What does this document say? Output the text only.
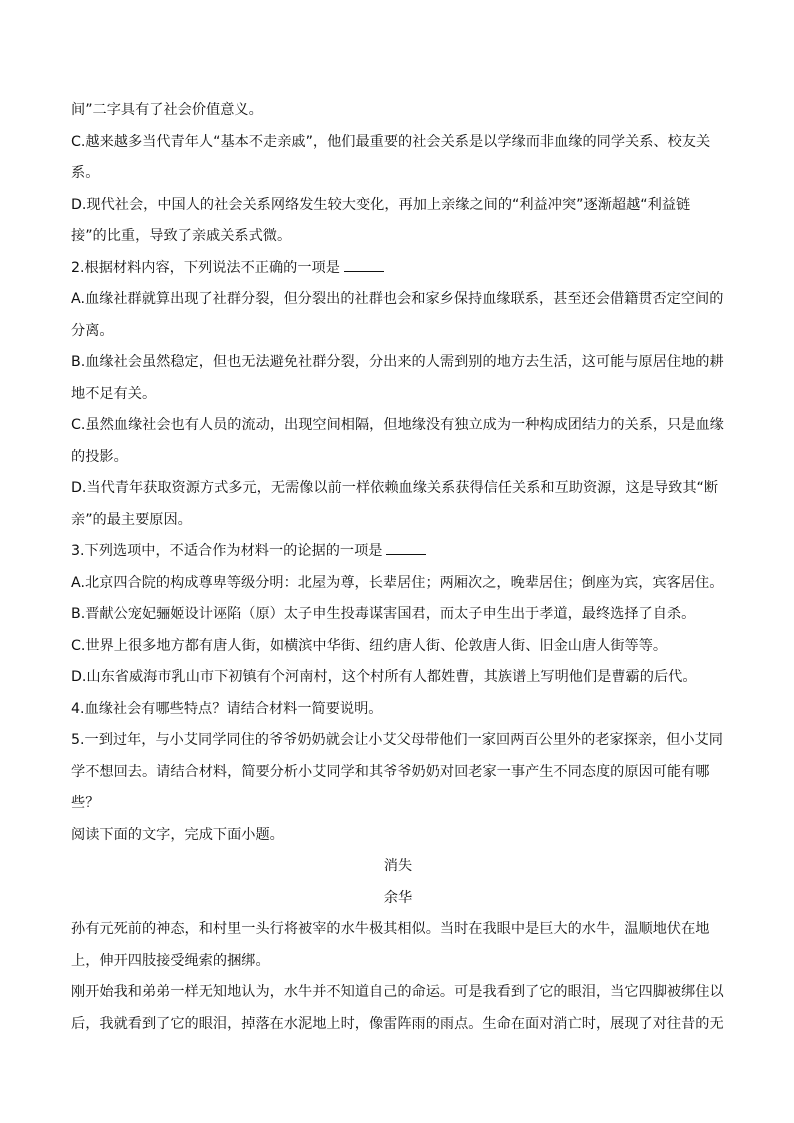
间”二字具有了社会价值意义。

C.越来越多当代青年人“基本不走亲戚”，他们最重要的社会关系是以学缘而非血缘的同学关系、校友关

系。

D.现代社会，中国人的社会关系网络发生较大变化，再加上亲缘之间的“利益冲突”逐渐超越“利益链

接”的比重，导致了亲戚关系式微。

2.根据材料内容，下列说法不正确的一项是

A.血缘社群就算出现了社群分裂，但分裂出的社群也会和家乡保持血缘联系，甚至还会借籍贯否定空间的

分离。

B.血缘社会虽然稳定，但也无法避免社群分裂，分出来的人需到别的地方去生活，这可能与原居住地的耕

地不足有关。

C.虽然血缘社会也有人员的流动，出现空间相隔，但地缘没有独立成为一种构成团结力的关系，只是血缘

的投影。

D.当代青年获取资源方式多元，无需像以前一样依赖血缘关系获得信任关系和互助资源，这是导致其“断

亲”的最主要原因。

3.下列选项中，不适合作为材料一的论据的一项是

A.北京四合院的构成尊卑等级分明：北屋为尊，长辈居住；两厢次之，晚辈居住；倒座为宾，宾客居住。

B.晋献公宠妃骊姬设计诬陷（原）太子申生投毒谋害国君，而太子申生出于孝道，最终选择了自杀。

C.世界上很多地方都有唐人街，如横滨中华街、纽约唐人街、伦敦唐人街、旧金山唐人街等等。

D.山东省威海市乳山市下初镇有个河南村，这个村所有人都姓曹，其族谱上写明他们是曹霸的后代。

4.血缘社会有哪些特点？请结合材料一简要说明。

5.一到过年，与小艾同学同住的爷爷奶奶就会让小艾父母带他们一家回两百公里外的老家探亲，但小艾同

学不想回去。请结合材料，简要分析小艾同学和其爷爷奶奶对回老家一事产生不同态度的原因可能有哪

些？

阅读下面的文字，完成下面小题。

消失

余华

孙有元死前的神态，和村里一头行将被宰的水牛极其相似。当时在我眼中是巨大的水牛，温顺地伏在地

上，伸开四肢接受绳索的捆绑。

刚开始我和弟弟一样无知地认为，水牛并不知道自己的命运。可是我看到了它的眼泪，当它四脚被绑住以

后，我就看到了它的眼泪，掉落在水泥地上时，像雷阵雨的雨点。生命在面对消亡时，展现了对往昔的无
